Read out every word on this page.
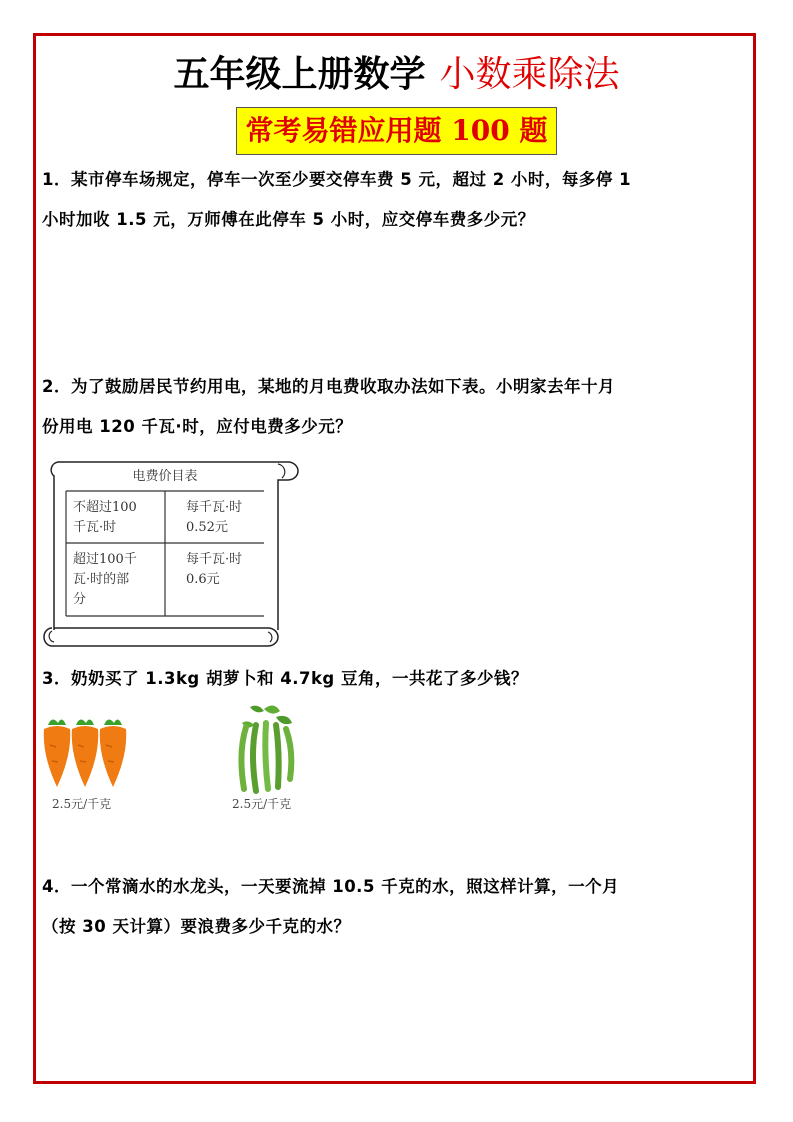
五年级上册数学 小数乘除法
常考易错应用题 100 题
1．某市停车场规定，停车一次至少要交停车费 5 元，超过 2 小时，每多停 1
小时加收 1.5 元，万师傅在此停车 5 小时，应交停车费多少元？
2．为了鼓励居民节约用电，某地的月电费收取办法如下表。小明家去年十月
份用电 120 千瓦·时，应付电费多少元？
电费价目表
不超过100
千瓦·时
每千瓦·时
0.52元
超过100千
瓦·时的部
分
每千瓦·时
0.6元
3．奶奶买了 1.3kg 胡萝卜和 4.7kg 豆角，一共花了多少钱？
2.5元/千克	2.5元/千克
4．一个常滴水的水龙头，一天要流掉 10.5 千克的水，照这样计算，一个月
（按 30 天计算）要浪费多少千克的水？
